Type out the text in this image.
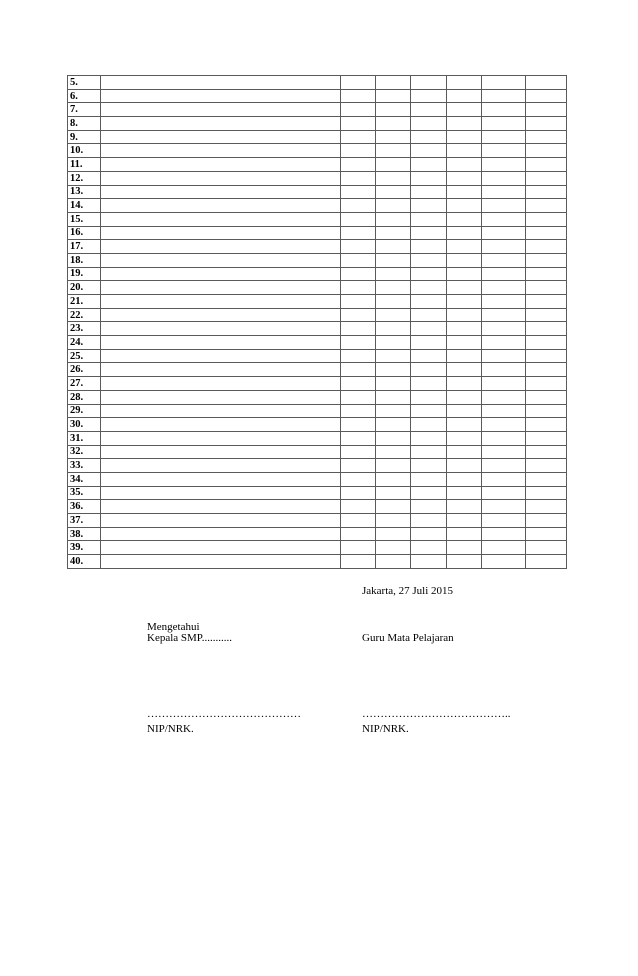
5.							
6.							
7.							
8.							
9.							
10.							
11.							
12.							
13.							
14.							
15.							
16.							
17.							
18.							
19.							
20.							
21.							
22.							
23.							
24.							
25.							
26.							
27.							
28.							
29.							
30.							
31.							
32.							
33.							
34.							
35.							
36.							
37.							
38.							
39.							
40.							
Jakarta, 27 Juli 2015
Mengetahui
Kepala SMP...........	Guru Mata Pelajaran
……………………………………	…………………………………..
NIP/NRK.	NIP/NRK.
